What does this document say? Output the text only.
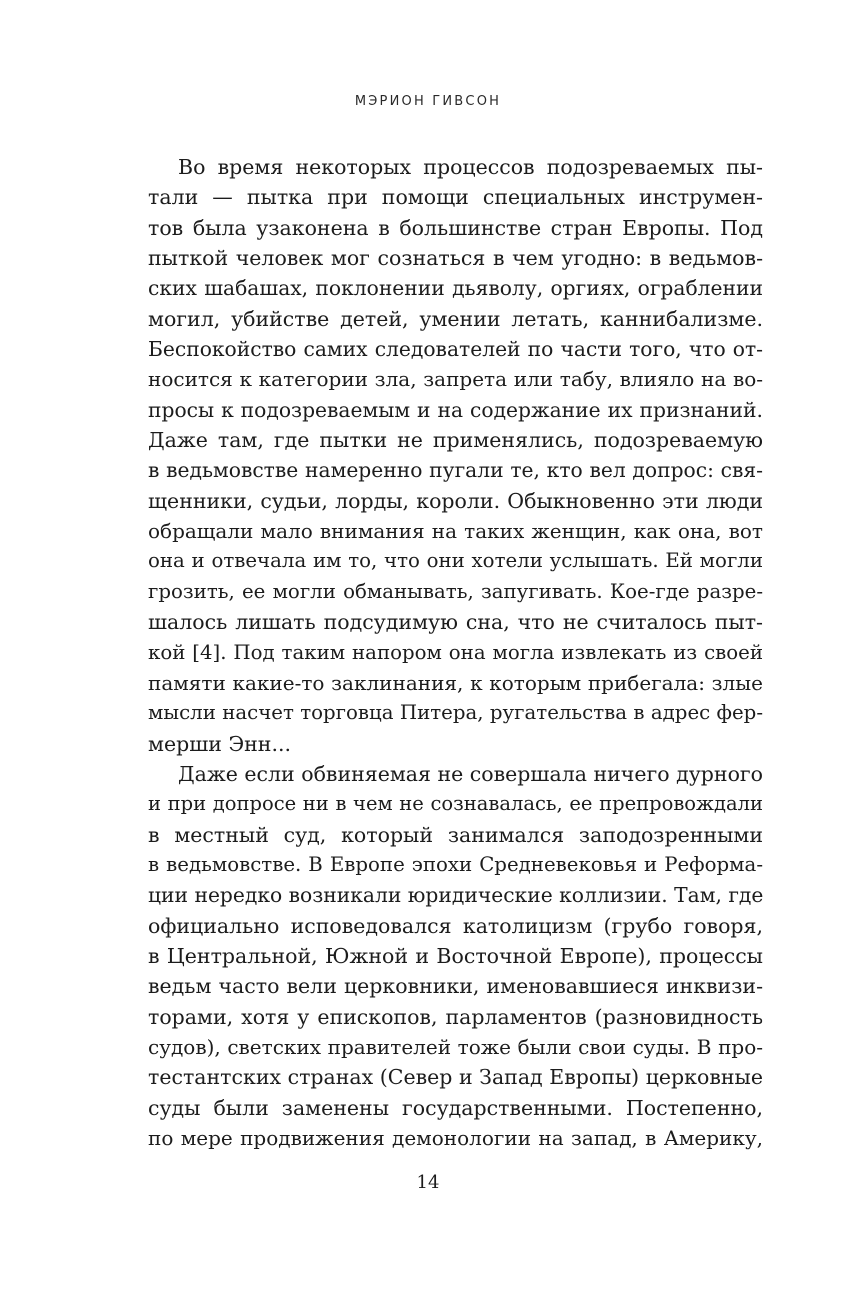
МЭРИОН ГИВСОН
Во время некоторых процессов подозреваемых пы-
тали — пытка при помощи специальных инструмен-
тов была узаконена в большинстве стран Европы. Под
пыткой человек мог сознаться в чем угодно: в ведьмов-
ских шабашах, поклонении дьяволу, оргиях, ограблении
могил, убийстве детей, умении летать, каннибализме.
Беспокойство самих следователей по части того, что от-
носится к категории зла, запрета или табу, влияло на во-
просы к подозреваемым и на содержание их признаний.
Даже там, где пытки не применялись, подозреваемую
в ведьмовстве намеренно пугали те, кто вел допрос: свя-
щенники, судьи, лорды, короли. Обыкновенно эти люди
обращали мало внимания на таких женщин, как она, вот
она и отвечала им то, что они хотели услышать. Ей могли
грозить, ее могли обманывать, запугивать. Кое-где разре-
шалось лишать подсудимую сна, что не считалось пыт-
кой [4]. Под таким напором она могла извлекать из своей
памяти какие-то заклинания, к которым прибегала: злые
мысли насчет торговца Питера, ругательства в адрес фер-
мерши Энн...
Даже если обвиняемая не совершала ничего дурного
и при допросе ни в чем не сознавалась, ее препровождали
в местный суд, который занимался заподозренными
в ведьмовстве. В Европе эпохи Средневековья и Реформа-
ции нередко возникали юридические коллизии. Там, где
официально исповедовался католицизм (грубо говоря,
в Центральной, Южной и Восточной Европе), процессы
ведьм часто вели церковники, именовавшиеся инквизи-
торами, хотя у епископов, парламентов (разновидность
судов), светских правителей тоже были свои суды. В про-
тестантских странах (Север и Запад Европы) церковные
суды были заменены государственными. Постепенно,
по мере продвижения демонологии на запад, в Америку,
14
